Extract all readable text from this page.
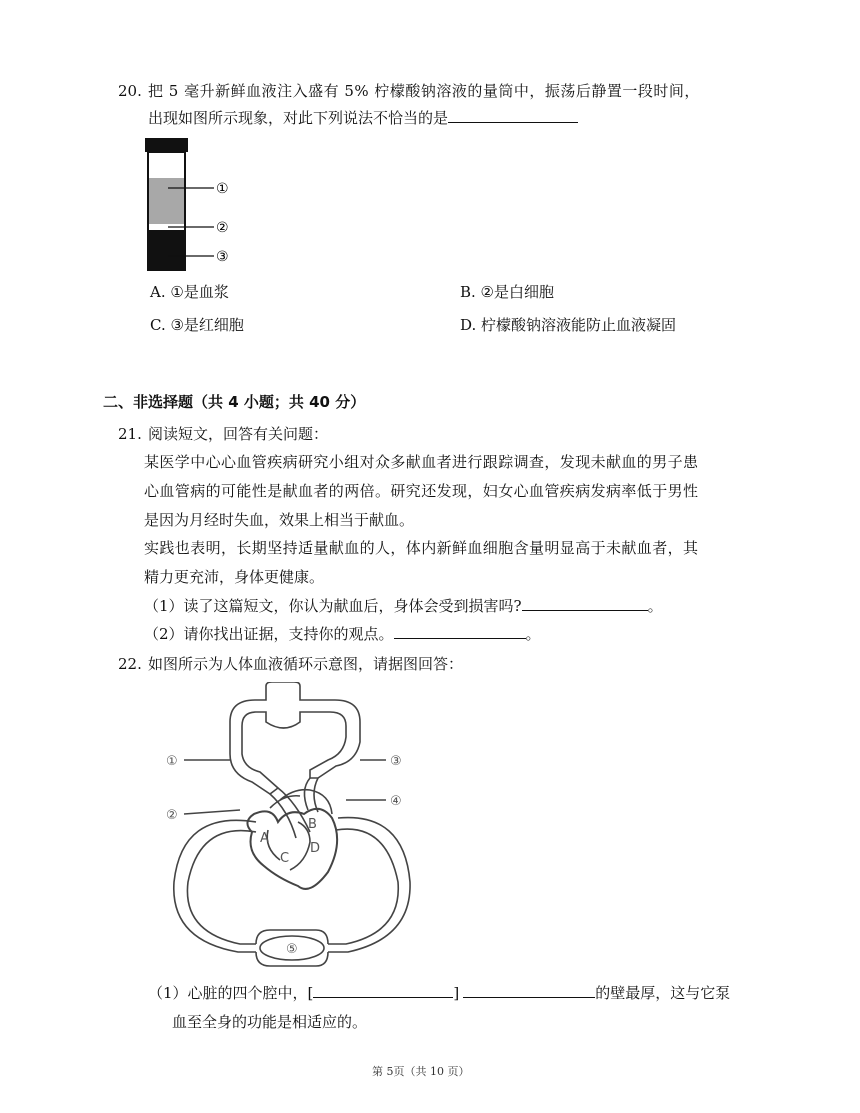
20. 把 5 毫升新鲜血液注入盛有 5% 柠檬酸钠溶液的量筒中，振荡后静置一段时间，
出现如图所示现象，对此下列说法不恰当的是
①
②
③
A. ①是血浆	B. ②是白细胞
C. ③是红细胞	D. 柠檬酸钠溶液能防止血液凝固
二、非选择题（共 4 小题；共 40 分）
21. 阅读短文，回答有关问题：
某医学中心心血管疾病研究小组对众多献血者进行跟踪调查，发现未献血的男子患
心血管病的可能性是献血者的两倍。研究还发现，妇女心血管疾病发病率低于男性
是因为月经时失血，效果上相当于献血。
实践也表明，长期坚持适量献血的人，体内新鲜血细胞含量明显高于未献血者，其
精力更充沛，身体更健康。
（1）读了这篇短文，你认为献血后，身体会受到损害吗?	。
（2）请你找出证据，支持你的观点。	。
22. 如图所示为人体血液循环示意图，请据图回答：
①
②
③
④
⑤
A
B
C
D
（1）心脏的四个腔中，[	]	的壁最厚，这与它泵
血至全身的功能是相适应的。
第 5页（共 10 页）
